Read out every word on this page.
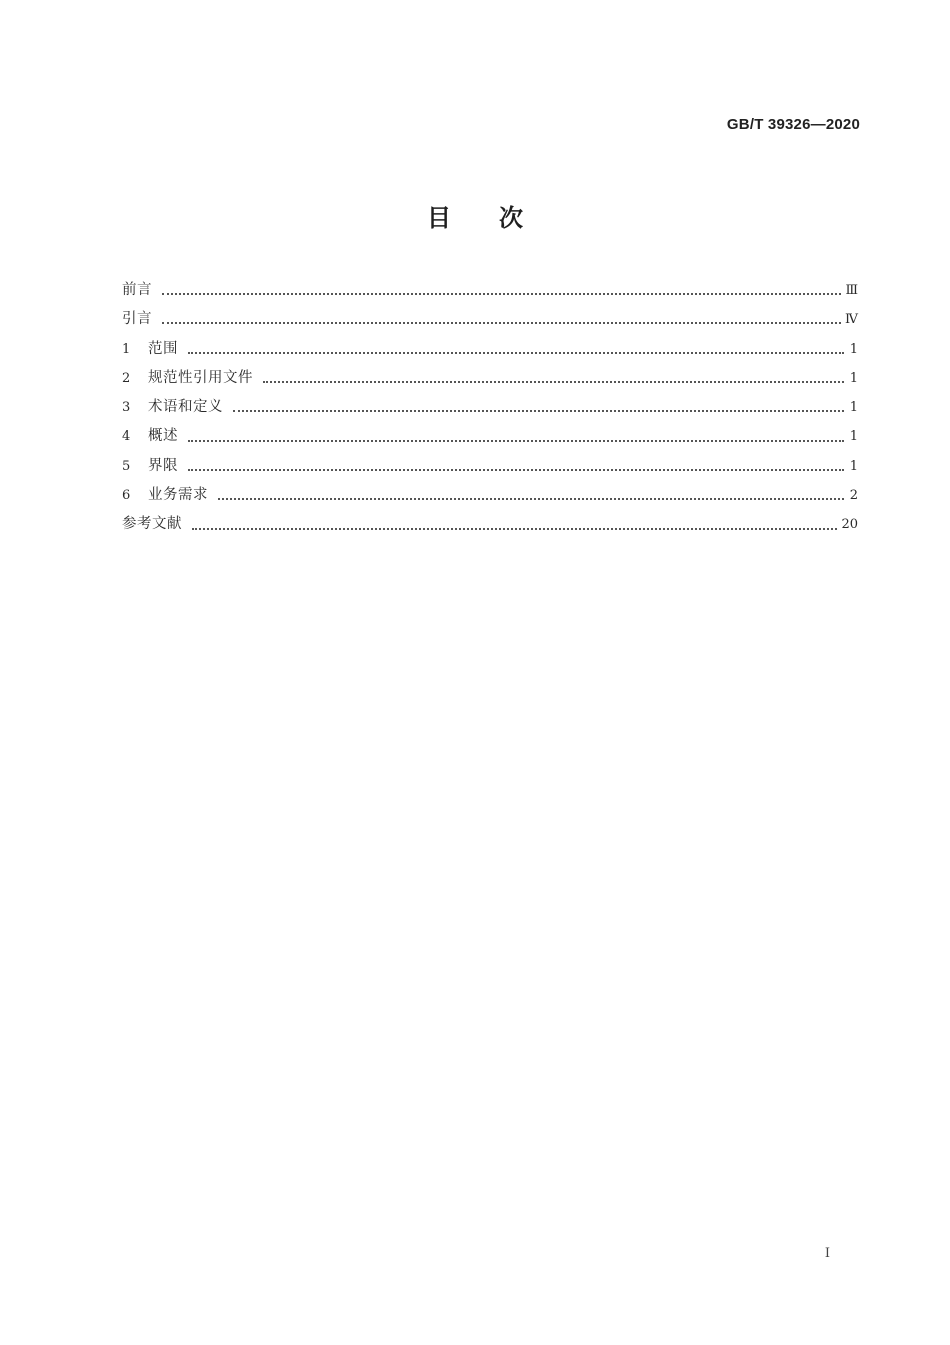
GB/T 39326—2020
目 次
前言	Ⅲ
引言	Ⅳ
1	范围	1
2	规范性引用文件	1
3	术语和定义	1
4	概述	1
5	界限	1
6	业务需求	2
参考文献	20
I
